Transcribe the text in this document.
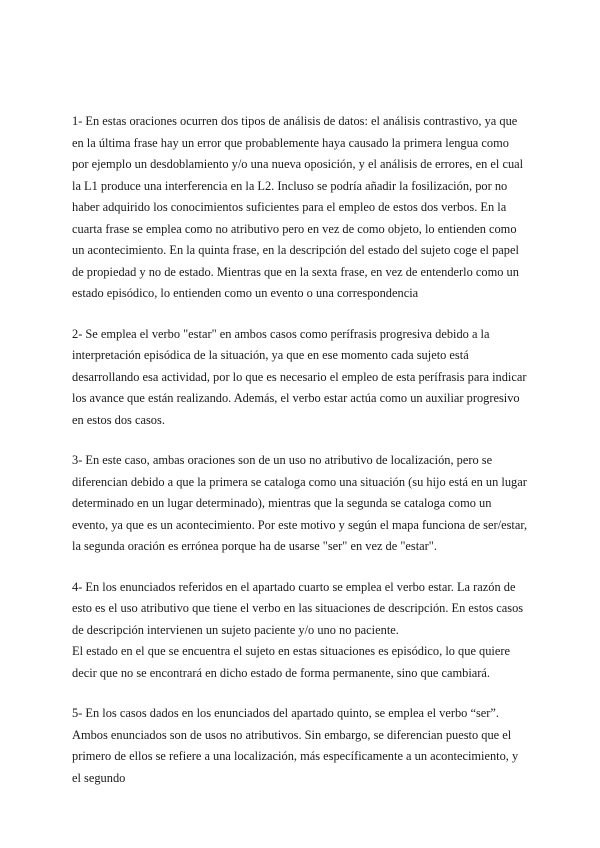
1- En estas oraciones ocurren dos tipos de análisis de datos: el análisis contrastivo, ya que en la última frase hay un error que probablemente haya causado la primera lengua como por ejemplo un desdoblamiento y/o una nueva oposición, y el análisis de errores, en el cual la L1 produce una interferencia en la L2. Incluso se podría añadir la fosilización, por no haber adquirido los conocimientos suficientes para el empleo de estos dos verbos. En la cuarta frase se emplea como no atributivo pero en vez de como objeto, lo entienden como un acontecimiento. En la quinta frase, en la descripción del estado del sujeto coge el papel de propiedad y no de estado. Mientras que en la sexta frase, en vez de entenderlo como un estado episódico, lo entienden como un evento o una correspondencia

2- Se emplea el verbo "estar" en ambos casos como perífrasis progresiva debido a la interpretación episódica de la situación, ya que en ese momento cada sujeto está desarrollando esa actividad, por lo que es necesario el empleo de esta perífrasis para indicar los avance que están realizando. Además, el verbo estar actúa como un auxiliar progresivo en estos dos casos.

3- En este caso, ambas oraciones son de un uso no atributivo de localización, pero se diferencian debido a que la primera se cataloga como una situación (su hijo está en un lugar determinado en un lugar determinado), mientras que la segunda se cataloga como un evento, ya que es un acontecimiento. Por este motivo y según el mapa funciona de ser/estar, la segunda oración es errónea porque ha de usarse "ser" en vez de "estar".

4- En los enunciados referidos en el apartado cuarto se emplea el verbo estar. La razón de esto es el uso atributivo que tiene el verbo en las situaciones de descripción. En estos casos de descripción intervienen un sujeto paciente y/o uno no paciente.
El estado en el que se encuentra el sujeto en estas situaciones es episódico, lo que quiere decir que no se encontrará en dicho estado de forma permanente, sino que cambiará.

5- En los casos dados en los enunciados del apartado quinto, se emplea el verbo “ser”. Ambos enunciados son de usos no atributivos. Sin embargo, se diferencian puesto que el primero de ellos se refiere a una localización, más específicamente a un acontecimiento, y el segundo
